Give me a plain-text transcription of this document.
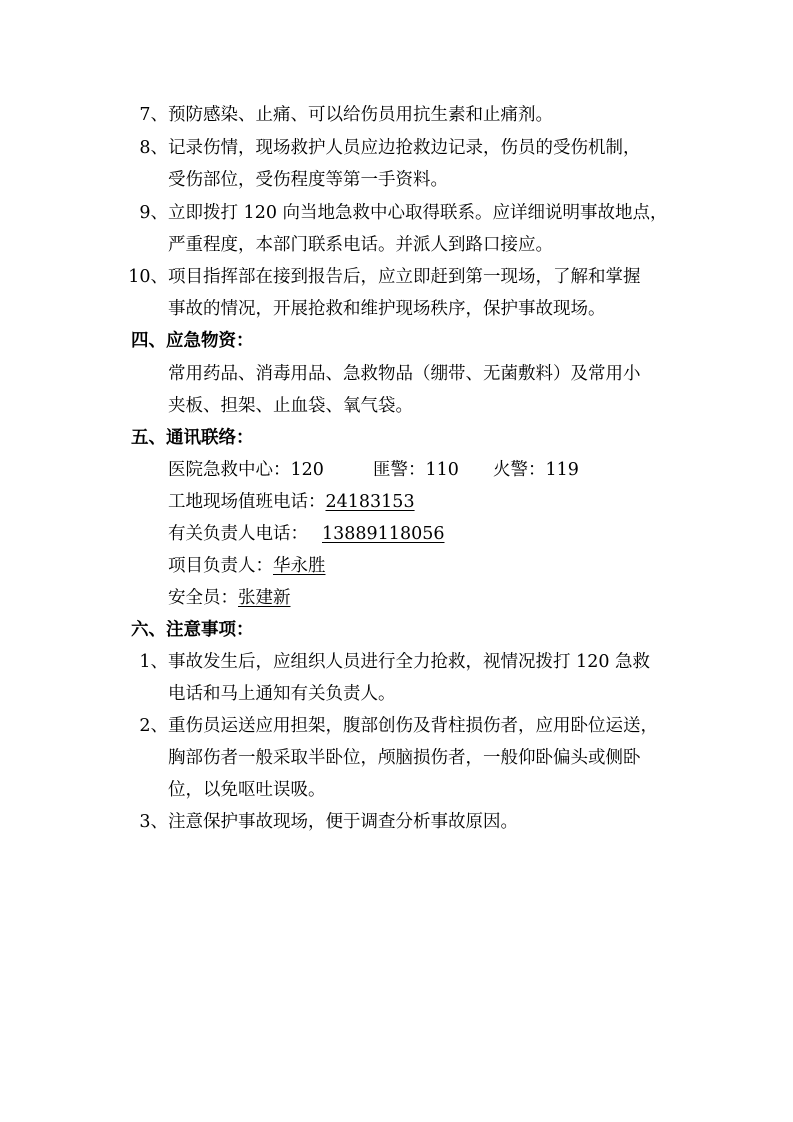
7、 预防感染、止痛、可以给伤员用抗生素和止痛剂。
8、 记录伤情，现场救护人员应边抢救边记录，伤员的受伤机制，
受伤部位，受伤程度等第一手资料。
9、 立即拨打 120 向当地急救中心取得联系。应详细说明事故地点，
严重程度，本部门联系电话。并派人到路口接应。
10、 项目指挥部在接到报告后，应立即赶到第一现场，了解和掌握
事故的情况，开展抢救和维护现场秩序，保护事故现场。
四、应急物资：
常用药品、消毒用品、急救物品（绷带、无菌敷料）及常用小
夹板、担架、止血袋、氧气袋。
五、通讯联络：
医院急救中心：120	匪警：110 火警：119
工地现场值班电话：24183153
有关负责人电话： 13889118056
项目负责人：华永胜
安全员：张建新
六、注意事项：
1、 事故发生后，应组织人员进行全力抢救，视情况拨打 120 急救
电话和马上通知有关负责人。
2、 重伤员运送应用担架，腹部创伤及背柱损伤者，应用卧位运送，
胸部伤者一般采取半卧位，颅脑损伤者，一般仰卧偏头或侧卧
位，以免呕吐误吸。
3、 注意保护事故现场，便于调查分析事故原因。
